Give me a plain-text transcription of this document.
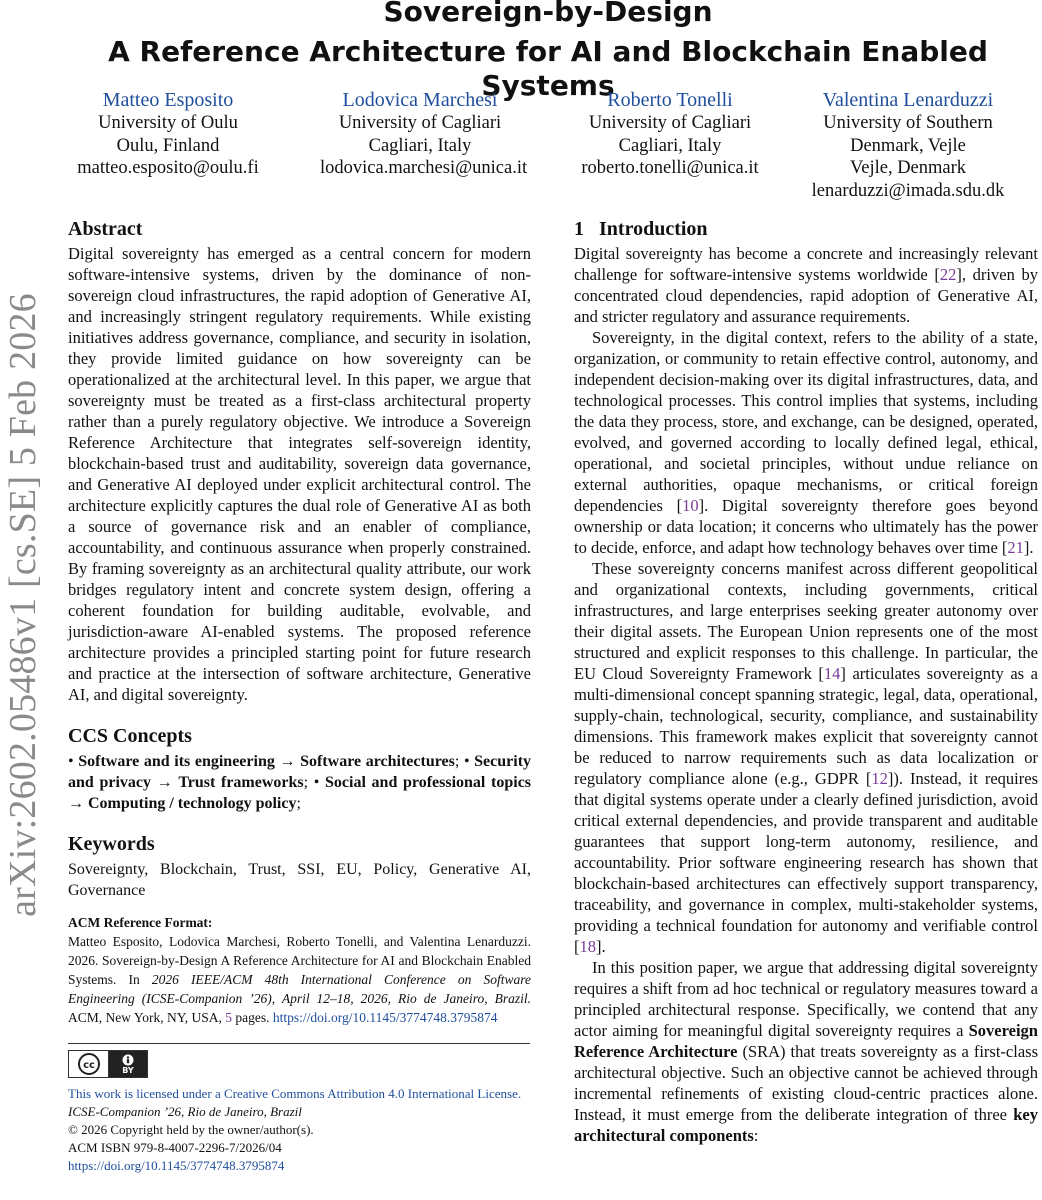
arXiv:2602.05486v1 [cs.SE] 5 Feb 2026
Sovereign-by-Design
A Reference Architecture for AI and Blockchain Enabled Systems
Matteo Esposito
University of Oulu
Oulu, Finland
matteo.esposito@oulu.fi
Lodovica Marchesi
University of Cagliari
Cagliari, Italy
lodovica.marchesi@unica.it
Roberto Tonelli
University of Cagliari
Cagliari, Italy
roberto.tonelli@unica.it
Valentina Lenarduzzi
University of Southern
Denmark, Vejle
Vejle, Denmark
lenarduzzi@imada.sdu.dk
Abstract

Digital sovereignty has emerged as a central concern for modern software-intensive systems, driven by the dominance of non-sovereign cloud infrastructures, the rapid adoption of Generative AI, and increasingly stringent regulatory requirements. While existing initiatives address governance, compliance, and security in isolation, they provide limited guidance on how sovereignty can be operationalized at the architectural level. In this paper, we argue that sovereignty must be treated as a first-class architectural property rather than a purely regulatory objective. We introduce a Sovereign Reference Architecture that integrates self-sovereign identity, blockchain-based trust and auditability, sovereign data governance, and Generative AI deployed under explicit architectural control. The architecture explicitly captures the dual role of Generative AI as both a source of governance risk and an enabler of compliance, accountability, and continuous assurance when properly constrained. By framing sovereignty as an architectural quality attribute, our work bridges regulatory intent and concrete system design, offering a coherent foundation for building auditable, evolvable, and jurisdiction-aware AI-enabled systems. The proposed reference architecture provides a principled starting point for future research and practice at the intersection of software architecture, Generative AI, and digital sovereignty.

CCS Concepts

• Software and its engineering → Software architectures; • Security and privacy → Trust frameworks; • Social and professional topics → Computing / technology policy;

Keywords

Sovereignty, Blockchain, Trust, SSI, EU, Policy, Generative AI, Governance

ACM Reference Format:

Matteo Esposito, Lodovica Marchesi, Roberto Tonelli, and Valentina Lenarduzzi. 2026. Sovereign-by-Design A Reference Architecture for AI and Blockchain Enabled Systems. In 2026 IEEE/ACM 48th International Conference on Software Engineering (ICSE-Companion ’26), April 12–18, 2026, Rio de Janeiro, Brazil. ACM, New York, NY, USA, 5 pages. https://doi.org/10.1145/3774748.3795874

cc	BY
This work is licensed under a Creative Commons Attribution 4.0 International License.
ICSE-Companion ’26, Rio de Janeiro, Brazil
© 2026 Copyright held by the owner/author(s).
ACM ISBN 979-8-4007-2296-7/2026/04
https://doi.org/10.1145/3774748.3795874
1 Introduction

Digital sovereignty has become a concrete and increasingly relevant challenge for software-intensive systems worldwide [22], driven by concentrated cloud dependencies, rapid adoption of Generative AI, and stricter regulatory and assurance requirements.

Sovereignty, in the digital context, refers to the ability of a state, organization, or community to retain effective control, autonomy, and independent decision-making over its digital infrastructures, data, and technological processes. This control implies that systems, including the data they process, store, and exchange, can be designed, operated, evolved, and governed according to locally defined legal, ethical, operational, and societal principles, without undue reliance on external authorities, opaque mechanisms, or critical foreign dependencies [10]. Digital sovereignty therefore goes beyond ownership or data location; it concerns who ultimately has the power to decide, enforce, and adapt how technology behaves over time [21].

These sovereignty concerns manifest across different geopolitical and organizational contexts, including governments, critical infrastructures, and large enterprises seeking greater autonomy over their digital assets. The European Union represents one of the most structured and explicit responses to this challenge. In particular, the EU Cloud Sovereignty Framework [14] articulates sovereignty as a multi-dimensional concept spanning strategic, legal, data, operational, supply-chain, technological, security, compliance, and sustainability dimensions. This framework makes explicit that sovereignty cannot be reduced to narrow requirements such as data localization or regulatory compliance alone (e.g., GDPR [12]). Instead, it requires that digital systems operate under a clearly defined jurisdiction, avoid critical external dependencies, and provide transparent and auditable guarantees that support long-term autonomy, resilience, and accountability. Prior software engineering research has shown that blockchain-based architectures can effectively support transparency, traceability, and governance in complex, multi-stakeholder systems, providing a technical foundation for autonomy and verifiable control [18].

In this position paper, we argue that addressing digital sovereignty requires a shift from ad hoc technical or regulatory measures toward a principled architectural response. Specifically, we contend that any actor aiming for meaningful digital sovereignty requires a Sovereign Reference Architecture (SRA) that treats sovereignty as a first-class architectural objective. Such an objective cannot be achieved through incremental refinements of existing cloud-centric practices alone. Instead, it must emerge from the deliberate integration of three key architectural components:
